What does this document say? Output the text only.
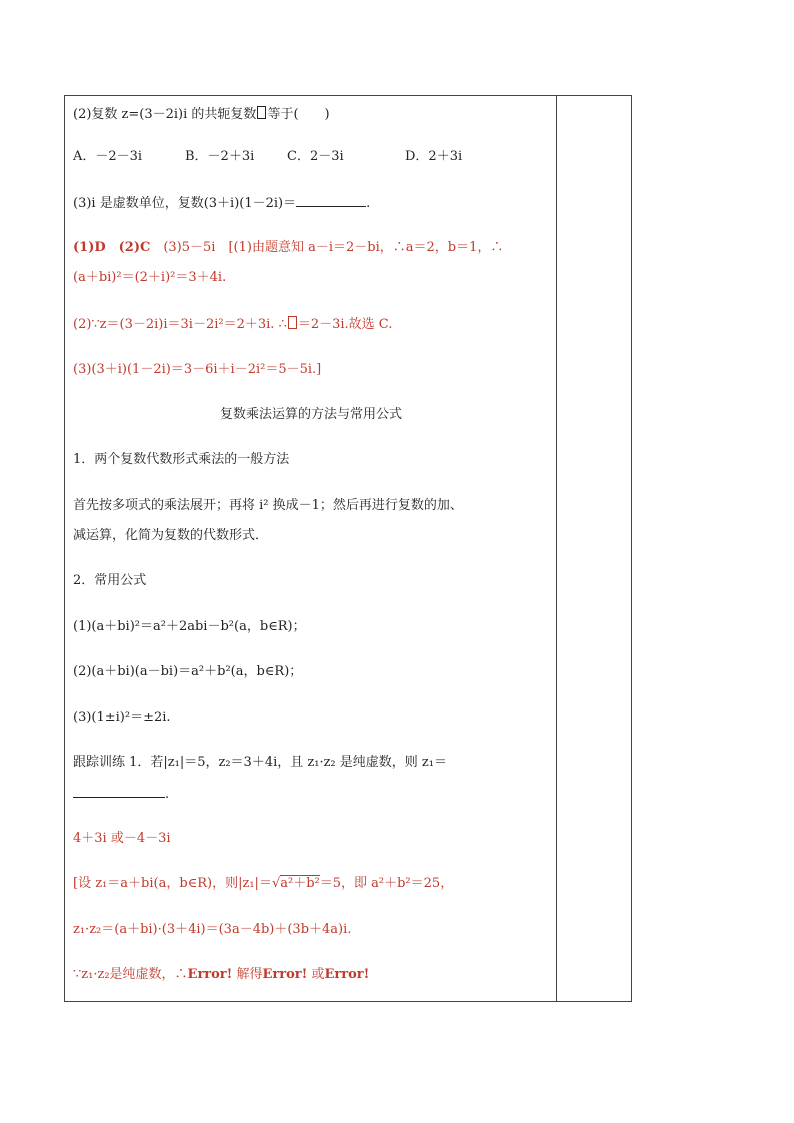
(2)复数 z=(3－2i)i 的共轭复数 等于(　　)
A．－2－3i	B．－2＋3i	C．2－3i	D．2＋3i
(3)i 是虚数单位，复数(3＋i)(1－2i)＝	.
(1)D　(2)C　 (3)5－5i　[(1)由题意知 a－i＝2－bi，∴a＝2，b＝1，∴
(a＋bi)²＝(2＋i)²＝3＋4i.
(2)∵z＝(3－2i)i＝3i－2i²＝2＋3i. ∴ ＝2－3i.故选 C.
(3)(3＋i)(1－2i)＝3－6i＋i－2i²＝5－5i.]
复数乘法运算的方法与常用公式
1．两个复数代数形式乘法的一般方法
首先按多项式的乘法展开；再将 i² 换成－1；然后再进行复数的加、
减运算，化简为复数的代数形式．
2．常用公式
(1)(a＋bi)²＝a²＋2abi－b²(a，b∈R)；
(2)(a＋bi)(a－bi)＝a²＋b²(a，b∈R)；
(3)(1±i)²＝±2i.
跟踪训练 1．若|z₁|＝5，z₂＝3＋4i，且 z₁·z₂ 是纯虚数，则 z₁＝
.
4＋3i 或－4－3i
[设 z₁＝a＋bi(a，b∈R)，则|z₁|＝√a²＋b²＝5，即 a²＋b²＝25，
z₁·z₂＝(a＋bi)·(3＋4i)＝(3a－4b)＋(3b＋4a)i.
∵z₁·z₂是纯虚数，∴Error! 解得Error! 或Error!
